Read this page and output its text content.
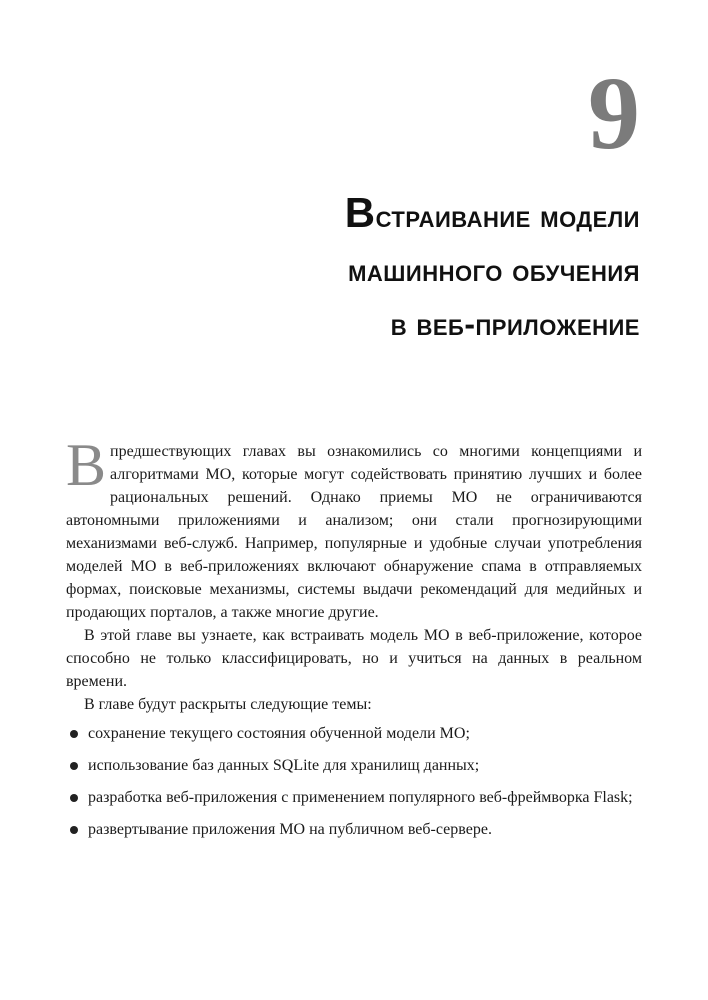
9
Встраивание модели
машинного обучения
в веб‑приложение

Впредшествующих главах вы ознакомились со многими концепциями и алгоритмами МО, которые могут содействовать принятию лучших и более рациональных решений. Однако приемы МО не ограничиваются автономными приложениями и анализом; они стали прогнозирующими механизмами веб-служб. Например, популярные и удобные случаи употребления моделей МО в веб-приложениях включают обнаружение спама в отправляемых формах, поисковые механизмы, системы выдачи рекомендаций для медийных и продающих порталов, а также многие другие.

В этой главе вы узнаете, как встраивать модель МО в веб-приложение, которое способно не только классифицировать, но и учиться на данных в реальном времени.

В главе будут раскрыты следующие темы:

сохранение текущего состояния обученной модели МО;
использование баз данных SQLite для хранилищ данных;
разработка веб-приложения с применением популярного веб-фреймворка Flask;
развертывание приложения МО на публичном веб-сервере.
